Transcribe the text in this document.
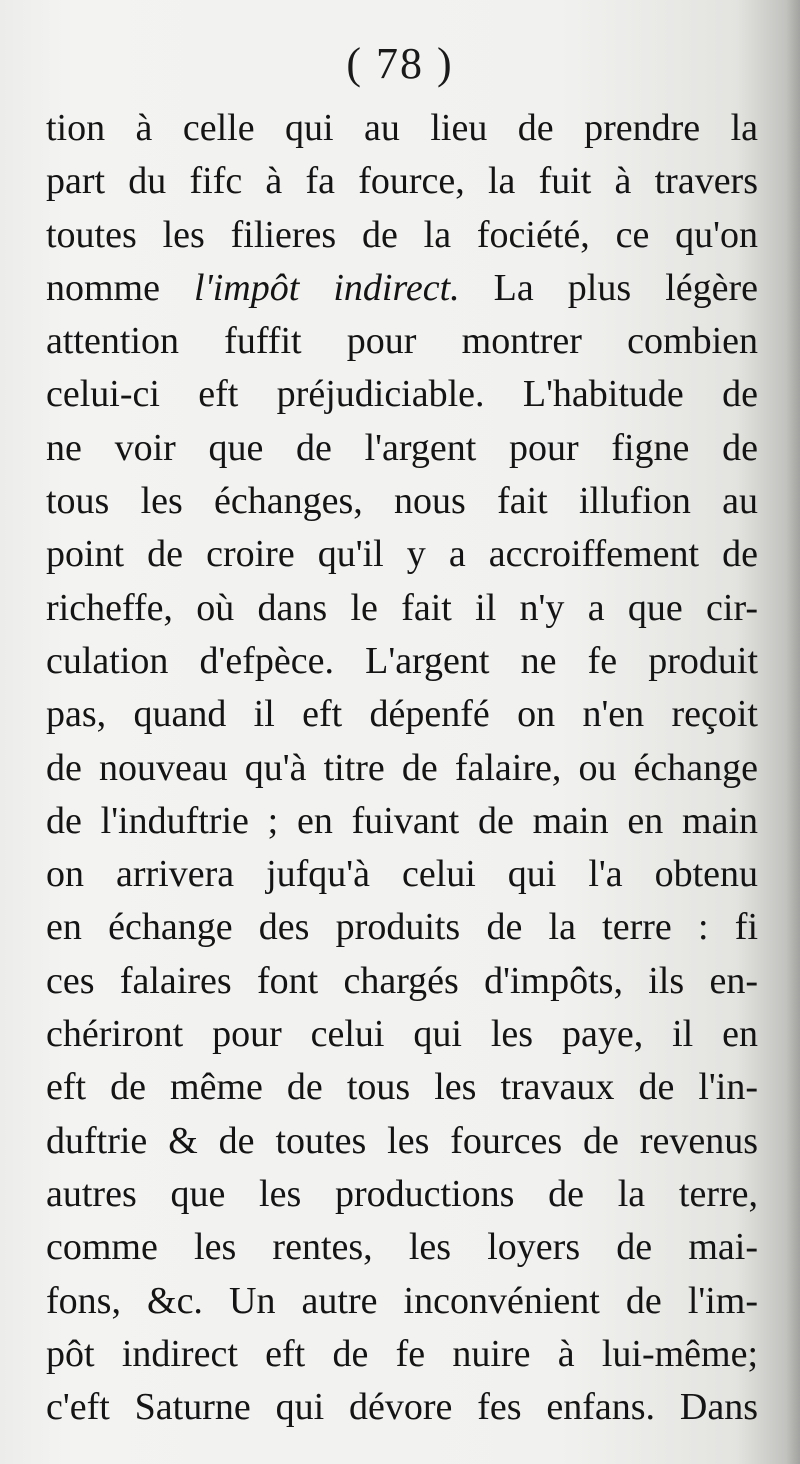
( 78 )
tion à celle qui au lieu de prendre la
part du fifc à fa fource, la fuit à travers
toutes les filieres de la fociété, ce qu'on
nomme l'impôt indirect. La plus légère
attention fuffit pour montrer combien
celui-ci eft préjudiciable. L'habitude de
ne voir que de l'argent pour figne de
tous les échanges, nous fait illufion au
point de croire qu'il y a accroiffement de
richeffe, où dans le fait il n'y a que cir-
culation d'efpèce. L'argent ne fe produit
pas, quand il eft dépenfé on n'en reçoit
de nouveau qu'à titre de falaire, ou échange
de l'induftrie ; en fuivant de main en main
on arrivera jufqu'à celui qui l'a obtenu
en échange des produits de la terre : fi
ces falaires font chargés d'impôts, ils en-
chériront pour celui qui les paye, il en
eft de même de tous les travaux de l'in-
duftrie & de toutes les fources de revenus
autres que les productions de la terre,
comme les rentes, les loyers de mai-
fons, &c. Un autre inconvénient de l'im-
pôt indirect eft de fe nuire à lui-même;
c'eft Saturne qui dévore fes enfans. Dans
